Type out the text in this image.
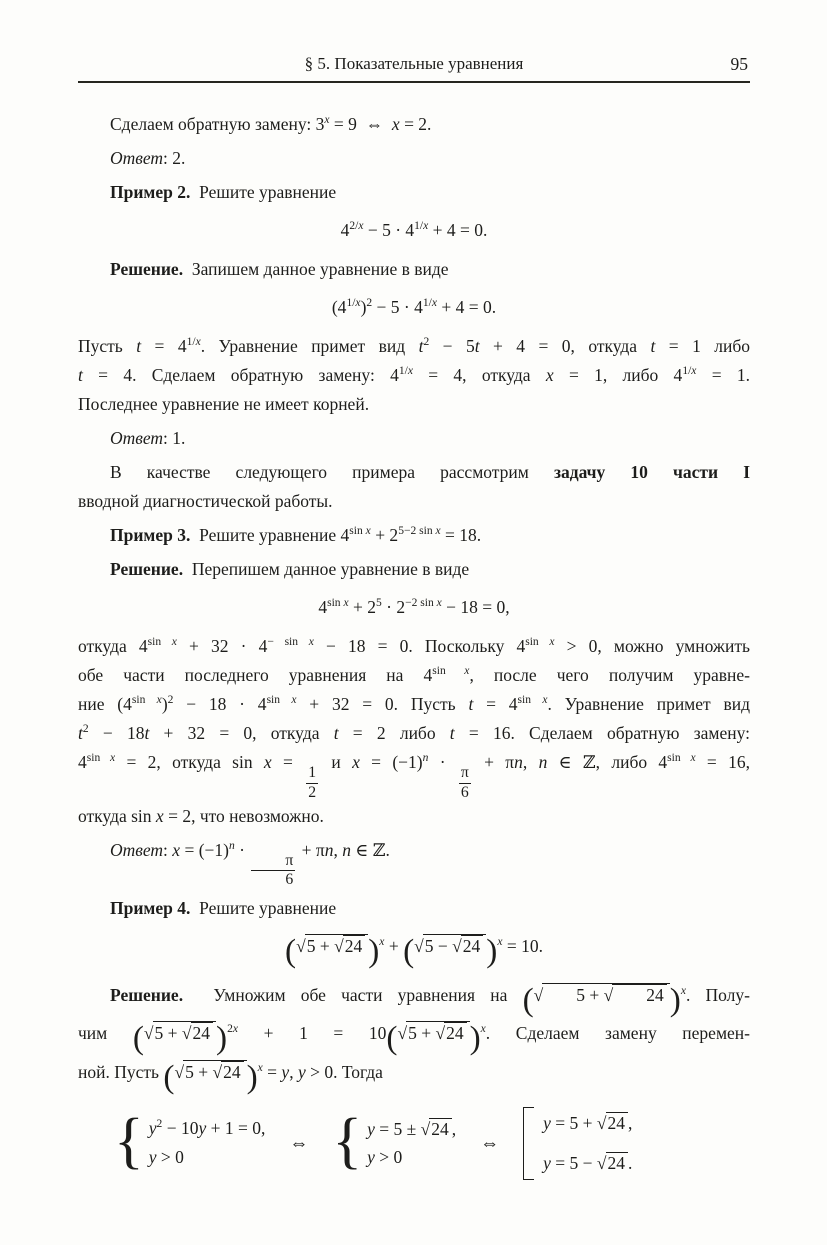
§ 5. Показательные уравнения	95
Сделаем обратную замену: $3^x = 9$  ⇔  x = 2.
Ответ: 2.
Пример 2.  Решите уравнение
$4^{2/x} - 5 \cdot 4^{1/x} + 4 = 0$.
Решение.  Запишем данное уравнение в виде
$(4^{1/x})^2 - 5 \cdot 4^{1/x} + 4 = 0$.
Пусть $t = 4^{1/x}$. Уравнение примет вид $t^2 - 5t + 4 = 0$, откуда t = 1 либо
t = 4. Сделаем обратную замену: $4^{1/x} = 4$, откуда x = 1, либо $4^{1/x} = 1$.
Последнее уравнение не имеет корней.
Ответ: 1.
В качестве следующего примера рассмотрим задачу 10 части I
вводной диагностической работы.
Пример 3.  Решите уравнение $4^{sin x} + 2^{5-2 sin x} = 18$.
Решение.  Перепишем данное уравнение в виде
$4^{sin x} + 2^5 \cdot 2^{-2 sin x} - 18 = 0$,
откуда $4^{sin x} + 32 \cdot 4^{- sin x} - 18 = 0$. Поскольку $4^{sin x} > 0$, можно умножить
обе части последнего уравнения на $4^{sin x}$, после чего получим уравне-
ние $(4^{sin x})^2 - 18 \cdot 4^{sin x} + 32 = 0$. Пусть $t = 4^{sin x}$. Уравнение примет вид
$t^2 - 18t + 32 = 0$, откуда t = 2 либо t = 16. Сделаем обратную замену:
$4^{sin x} = 2$, откуда sin x =
$\frac{1}{2}$
и $x = (-1)^n$ ·
$\frac{\pi}{6}$
+ πn, n ∈ ℤ, либо $4^{sin x} = 16$,
откуда sin x = 2, что невозможно.
Ответ: $x = (-1)^n$ ·
$\frac{\pi}{6}$
+ πn, n ∈ ℤ.
Пример 4.  Решите уравнение
(√5 + √24 )$^x$ + (√5 − √24 )$^x$ = 10.
Решение.  Умножим обе части уравнения на (√ 5 + √ 24 )$^x$. Полу-
чим (√5 + √24 )$^{2x}$ + 1 = 10(√5 + √24 )$^x$. Сделаем замену перемен-
ной. Пусть (√5 + √24 )$^x$ = y, y > 0. Тогда
{ $y^2 - 10y + 1 = 0$,
y > 0
⇔ { y = 5 ± √24 ,
y > 0
⇔
y = 5 + √24 ,
y = 5 − √24 .
